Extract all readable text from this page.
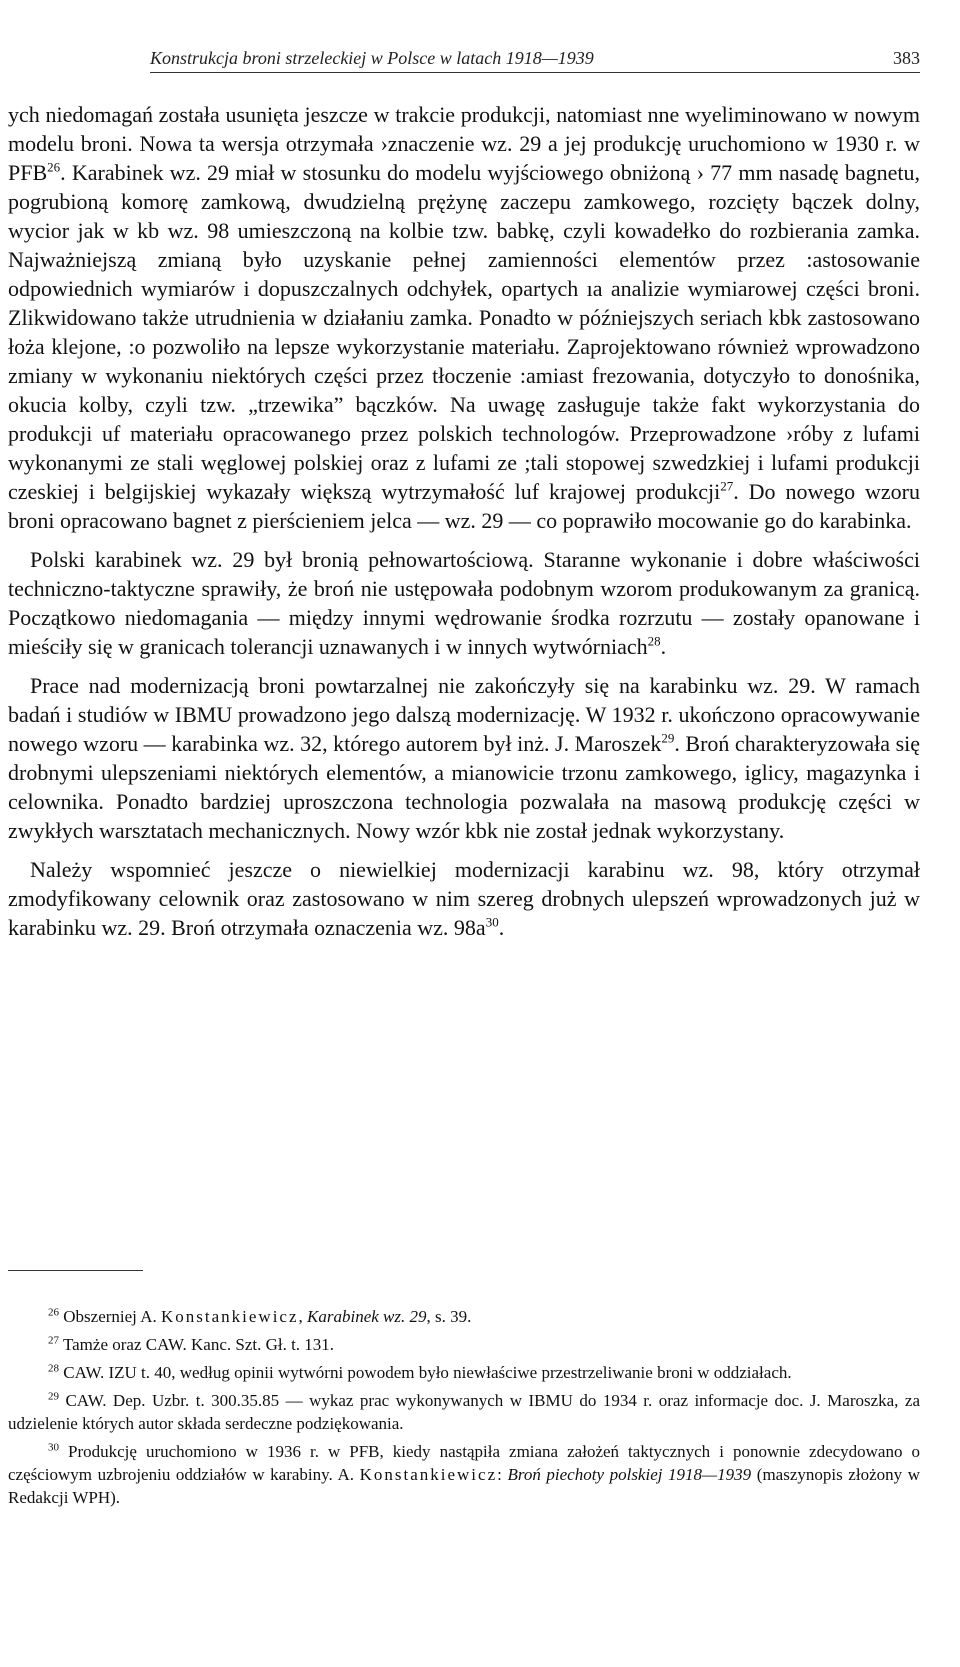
Konstrukcja broni strzeleckiej w Polsce w latach 1918—1939	383

ych niedomagań została usunięta jeszcze w trakcie produkcji, natomiast nne wyeliminowano w nowym modelu broni. Nowa ta wersja otrzymała ›znaczenie wz. 29 a jej produkcję uruchomiono w 1930 r. w PFB$^{26}$. Karabinek wz. 29 miał w stosunku do modelu wyjściowego obniżoną › 77 mm nasadę bagnetu, pogrubioną komorę zamkową, dwudzielną prężynę zaczepu zamkowego, rozcięty bączek dolny, wycior jak w kb wz. 98 umieszczoną na kolbie tzw. babkę, czyli kowadełko do rozbierania zamka. Najważniejszą zmianą było uzyskanie pełnej zamienności elementów przez :astosowanie odpowiednich wymiarów i dopuszczalnych odchyłek, opartych ıa analizie wymiarowej części broni. Zlikwidowano także utrudnienia w działaniu zamka. Ponadto w późniejszych seriach kbk zastosowano łoża klejone, :o pozwoliło na lepsze wykorzystanie materiału. Zaprojektowano również wprowadzono zmiany w wykonaniu niektórych części przez tłoczenie :amiast frezowania, dotyczyło to donośnika, okucia kolby, czyli tzw. „trzewika” bączków. Na uwagę zasługuje także fakt wykorzystania do produkcji uf materiału opracowanego przez polskich technologów. Przeprowadzone ›róby z lufami wykonanymi ze stali węglowej polskiej oraz z lufami ze ;tali stopowej szwedzkiej i lufami produkcji czeskiej i belgijskiej wykazały większą wytrzymałość luf krajowej produkcji$^{27}$. Do nowego wzoru broni opracowano bagnet z pierścieniem jelca — wz. 29 — co poprawiło mocowanie go do karabinka.

Polski karabinek wz. 29 był bronią pełnowartościową. Staranne wykonanie i dobre właściwości techniczno-taktyczne sprawiły, że broń nie ustępowała podobnym wzorom produkowanym za granicą. Początkowo niedomagania — między innymi wędrowanie środka rozrzutu — zostały opanowane i mieściły się w granicach tolerancji uznawanych i w innych wytwórniach$^{28}$.

Prace nad modernizacją broni powtarzalnej nie zakończyły się na karabinku wz. 29. W ramach badań i studiów w IBMU prowadzono jego dalszą modernizację. W 1932 r. ukończono opracowywanie nowego wzoru — karabinka wz. 32, którego autorem był inż. J. Maroszek$^{29}$. Broń charakteryzowała się drobnymi ulepszeniami niektórych elementów, a mianowicie trzonu zamkowego, iglicy, magazynka i celownika. Ponadto bardziej uproszczona technologia pozwalała na masową produkcję części w zwykłych warsztatach mechanicznych. Nowy wzór kbk nie został jednak wykorzystany.

Należy wspomnieć jeszcze o niewielkiej modernizacji karabinu wz. 98, który otrzymał zmodyfikowany celownik oraz zastosowano w nim szereg drobnych ulepszeń wprowadzonych już w karabinku wz. 29. Broń otrzymała oznaczenia wz. $98a^{30}$.

$^{26}$ Obszerniej A. Konstankiewicz, Karabinek wz. 29, s. 39.

$^{27}$ Tamże oraz CAW. Kanc. Szt. Gł. t. 131.

$^{28}$ CAW. IZU t. 40, według opinii wytwórni powodem było niewłaściwe przestrzeliwanie broni w oddziałach.

$^{29}$ CAW. Dep. Uzbr. t. 300.35.85 — wykaz prac wykonywanych w IBMU do 1934 r. oraz informacje doc. J. Maroszka, za udzielenie których autor składa serdeczne podziękowania.

$^{30}$ Produkcję uruchomiono w 1936 r. w PFB, kiedy nastąpiła zmiana założeń taktycznych i ponownie zdecydowano o częściowym uzbrojeniu oddziałów w karabiny. A. Konstankiewicz: Broń piechoty polskiej 1918—1939 (maszynopis złożony w Redakcji WPH).
